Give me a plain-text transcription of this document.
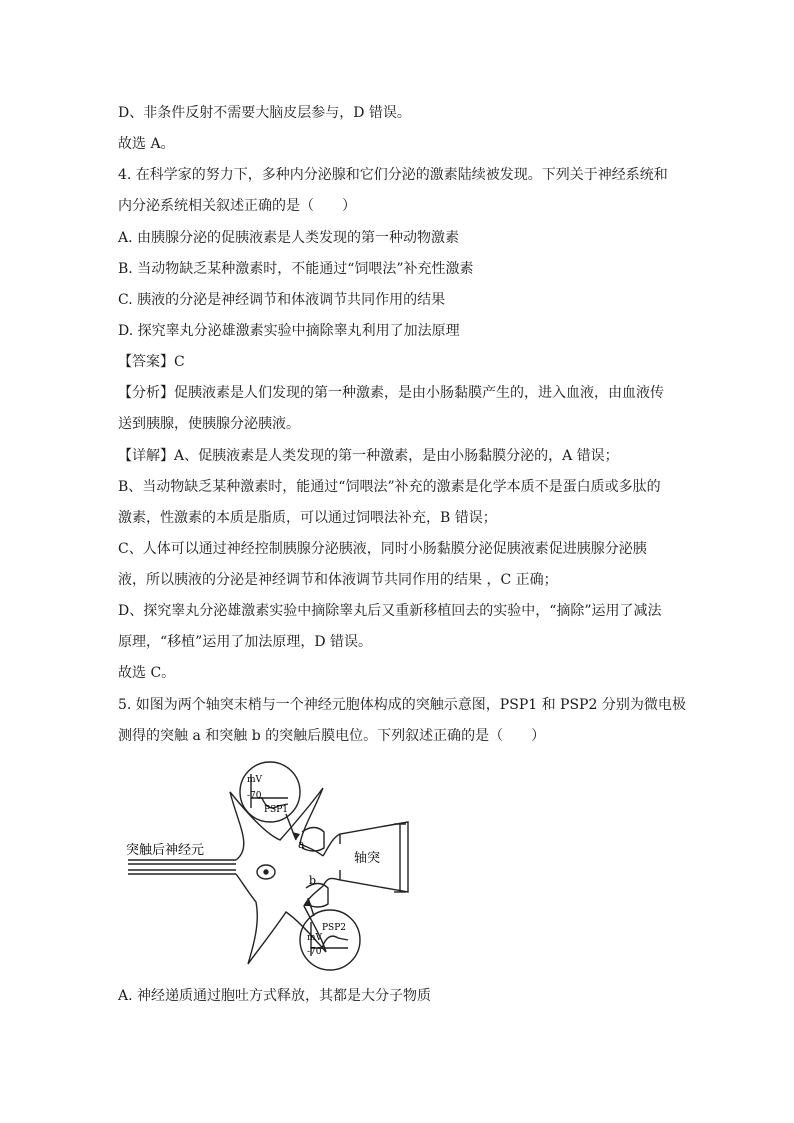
D、非条件反射不需要大脑皮层参与，D 错误。
故选 A。
4. 在科学家的努力下，多种内分泌腺和它们分泌的激素陆续被发现。下列关于神经系统和
内分泌系统相关叙述正确的是（　　）
A. 由胰腺分泌的促胰液素是人类发现的第一种动物激素
B. 当动物缺乏某种激素时，不能通过“饲喂法”补充性激素
C. 胰液的分泌是神经调节和体液调节共同作用的结果
D. 探究睾丸分泌雄激素实验中摘除睾丸利用了加法原理
【答案】C
【分析】促胰液素是人们发现的第一种激素，是由小肠黏膜产生的，进入血液，由血液传
送到胰腺，使胰腺分泌胰液。
【详解】A、促胰液素是人类发现的第一种激素，是由小肠黏膜分泌的，A 错误；
B、当动物缺乏某种激素时，能通过“饲喂法”补充的激素是化学本质不是蛋白质或多肽的
激素，性激素的本质是脂质，可以通过饲喂法补充，B 错误；
C、人体可以通过神经控制胰腺分泌胰液，同时小肠黏膜分泌促胰液素促进胰腺分泌胰
液，所以胰液的分泌是神经调节和体液调节共同作用的结果 ，C 正确；
D、探究睾丸分泌雄激素实验中摘除睾丸后又重新移植回去的实验中，“摘除”运用了减法
原理，“移植”运用了加法原理，D 错误。
故选 C。
5. 如图为两个轴突末梢与一个神经元胞体构成的突触示意图，PSP1 和 PSP2 分别为微电极
测得的突触 a 和突触 b 的突触后膜电位。下列叙述正确的是（　　）
突触后神经元
轴突
a
b
mV
-70
PSP1
mV
-70
PSP2
A. 神经递质通过胞吐方式释放，其都是大分子物质
